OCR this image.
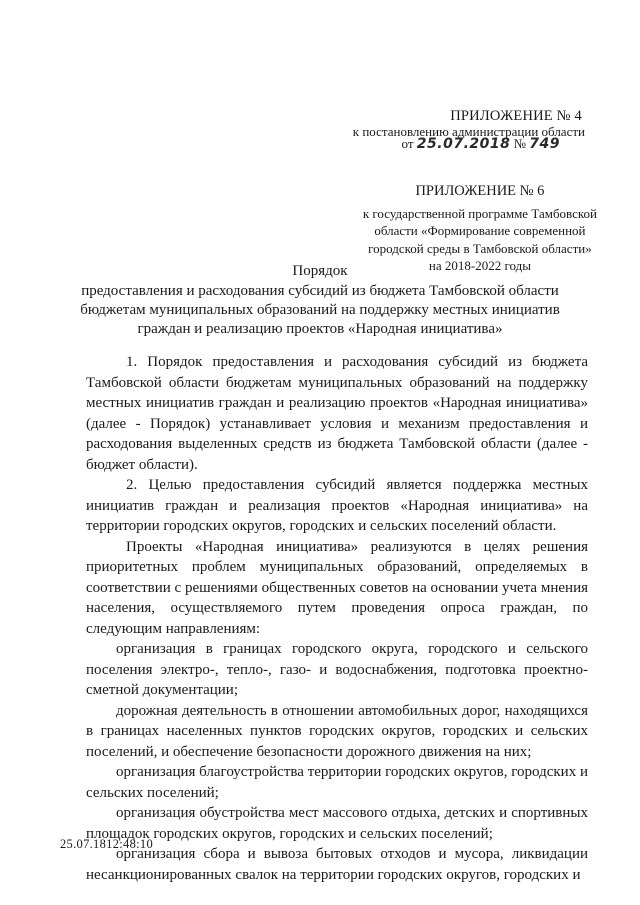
ПРИЛОЖЕНИЕ № 4

к постановлению администрации области

от 25.07.2018 № 749

ПРИЛОЖЕНИЕ № 6
к государственной программе Тамбовской
области «Формирование современной
городской среды в Тамбовской области»
на 2018-2022 годы

Порядок

предоставления и расходования субсидий из бюджета Тамбовской области

бюджетам муниципальных образований на поддержку местных инициатив

граждан и реализацию проектов «Народная инициатива»

1. Порядок предоставления и расходования субсидий из бюджета Тамбовской области бюджетам муниципальных образований на поддержку местных инициатив граждан и реализацию проектов «Народная инициатива» (далее - Порядок) устанавливает условия и механизм предоставления и расходования выделенных средств из бюджета Тамбовской области (далее - бюджет области).

2. Целью предоставления субсидий является поддержка местных инициатив граждан и реализация проектов «Народная инициатива» на территории городских округов, городских и сельских поселений области.

Проекты «Народная инициатива» реализуются в целях решения приоритетных проблем муниципальных образований, определяемых в соответствии с решениями общественных советов на основании учета мнения населения, осуществляемого путем проведения опроса граждан, по следующим направлениям:

организация в границах городского округа, городского и сельского поселения электро-, тепло-, газо- и водоснабжения, подготовка проектно-сметной документации;

дорожная деятельность в отношении автомобильных дорог, находящихся в границах населенных пунктов городских округов, городских и сельских поселений, и обеспечение безопасности дорожного движения на них;

организация благоустройства территории городских округов, городских и сельских поселений;

организация обустройства мест массового отдыха, детских и спортивных площадок городских округов, городских и сельских поселений;

организация сбора и вывоза бытовых отходов и мусора, ликвидации несанкционированных свалок на территории городских округов, городских и

25.07.1812:48:10
